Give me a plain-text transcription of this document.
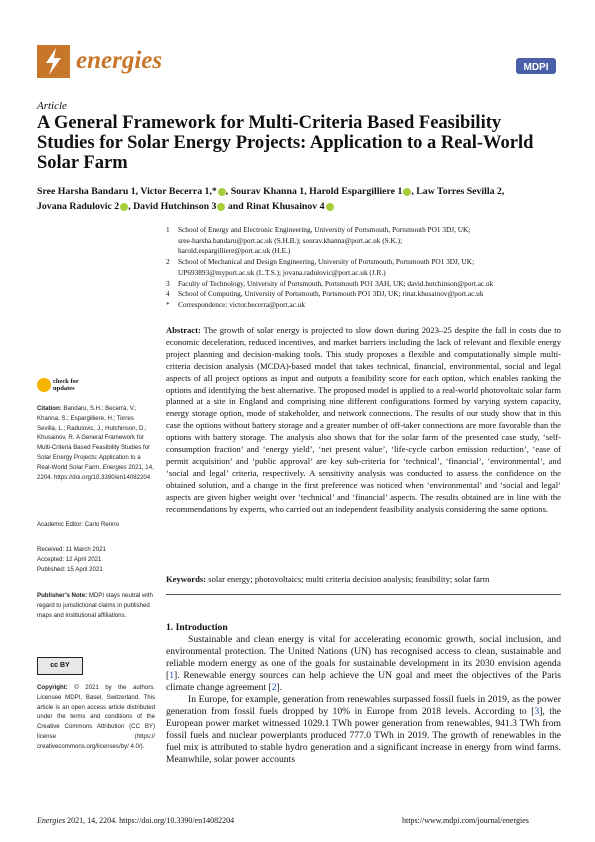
energies	MDPI
Article
A General Framework for Multi-Criteria Based Feasibility Studies for Solar Energy Projects: Application to a Real-World Solar Farm
Sree Harsha Bandaru 1, Victor Becerra 1,* , Sourav Khanna 1, Harold Espargilliere 1 , Law Torres Sevilla 2,
Jovana Radulovic 2 , David Hutchinson 3 and Rinat Khusainov 4
1	School of Energy and Electronic Engineering, University of Portsmouth, Portsmouth PO1 3DJ, UK;
sree-harsha.bandaru@port.ac.uk (S.H.B.); sourav.khanna@port.ac.uk (S.K.);
harold.espargilliere@port.ac.uk (H.E.)
2	School of Mechanical and Design Engineering, University of Portsmouth, Portsmouth PO1 3DJ, UK;
UP693893@myport.ac.uk (L.T.S.); jovana.radulovic@port.ac.uk (J.R.)
3	Faculty of Technology, University of Portsmouth, Portsmouth PO1 3AH, UK; david.hutchinson@port.ac.uk
4	School of Computing, University of Portsmouth, Portsmouth PO1 3DJ, UK; rinat.khusainov@port.ac.uk
*	Correspondence: victor.becerra@port.ac.uk
Abstract: The growth of solar energy is projected to slow down during 2023–25 despite the fall in costs due to economic deceleration, reduced incentives, and market barriers including the lack of relevant and flexible energy project planning and decision-making tools. This study proposes a flexible and computationally simple multi-criteria decision analysis (MCDA)-based model that takes technical, financial, environmental, social and legal aspects of all project options as input and outputs a feasibility score for each option, which enables ranking the options and identifying the best alternative. The proposed model is applied to a real-world photovoltaic solar farm planned at a site in England and comprising nine different configurations formed by varying system capacity, energy storage option, mode of stakeholder, and network connections. The results of our study show that in this case the options without battery storage and a greater number of off-taker connections are more favorable than the options with battery storage. The analysis also shows that for the solar farm of the presented case study, ‘self-consumption fraction’ and ‘energy yield’, ‘net present value’, ‘life-cycle carbon emission reduction’, ‘ease of permit acquisition’ and ‘public approval’ are key sub-criteria for ‘technical’, ‘financial’, ‘environmental’, and ‘social and legal’ criteria, respectively. A sensitivity analysis was conducted to assess the confidence on the obtained solution, and a change in the first preference was noticed when ‘environmental’ and ‘social and legal’ aspects are given higher weight over ‘technical’ and ‘financial’ aspects. The results obtained are in line with the recommendations by experts, who carried out an independent feasibility analysis considering the same options.
Keywords: solar energy; photovoltaics; multi criteria decision analysis; feasibility; solar farm
check for
updates
Citation: Bandaru, S.H.; Becerra, V.; Khanna, S.; Espargilliere, H.; Torres Sevilla, L.; Radulovic, J.; Hutchinson, D.; Khusainov, R. A General Framework for Multi-Criteria Based Feasibility Studies for Solar Energy Projects: Application to a Real-World Solar Farm. Energies 2021, 14, 2204. https://doi.org/10.3390/en14082204
Academic Editor: Carlo Renno
Received: 11 March 2021
Accepted: 12 April 2021
Published: 15 April 2021
Publisher’s Note: MDPI stays neutral with regard to jurisdictional claims in published maps and institutional affiliations.
cc BY
Copyright: © 2021 by the authors. Licensee MDPI, Basel, Switzerland. This article is an open access article distributed under the terms and conditions of the Creative Commons Attribution (CC BY) license (https:// creativecommons.org/licenses/by/ 4.0/).
1. Introduction

Sustainable and clean energy is vital for accelerating economic growth, social inclusion, and environmental protection. The United Nations (UN) has recognised access to clean, sustainable and reliable modern energy as one of the goals for sustainable development in its 2030 envision agenda [1]. Renewable energy sources can help achieve the UN goal and meet the objectives of the Paris climate change agreement [2].

In Europe, for example, generation from renewables surpassed fossil fuels in 2019, as the power generation from fossil fuels dropped by 10% in Europe from 2018 levels. According to [3], the European power market witnessed 1029.1 TWh power generation from renewables, 941.3 TWh from fossil fuels and nuclear powerplants produced 777.0 TWh in 2019. The growth of renewables in the fuel mix is attributed to stable hydro generation and a significant increase in energy from wind farms. Meanwhile, solar power accounts

Energies 2021, 14, 2204. https://doi.org/10.3390/en14082204	https://www.mdpi.com/journal/energies
